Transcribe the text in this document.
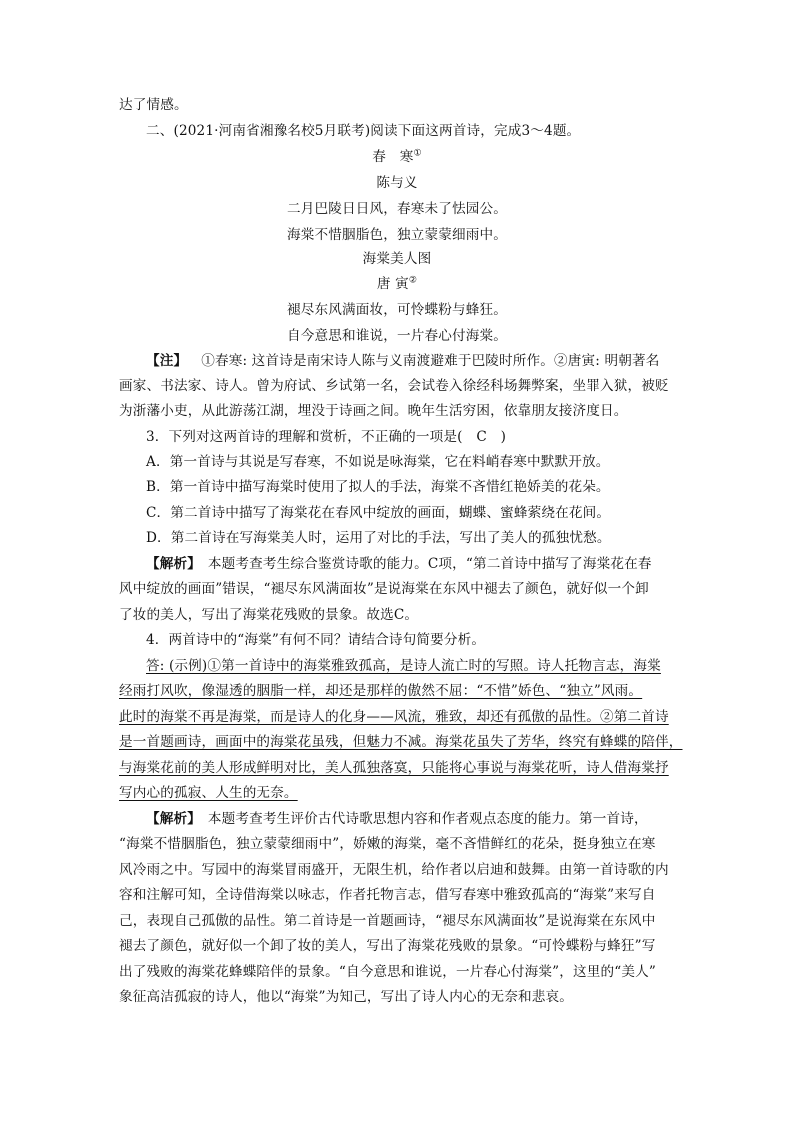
达了情感。
二、(2021·河南省湘豫名校5月联考)阅读下面这两首诗，完成3～4题。
春　寒①
陈与义
二月巴陵日日风，春寒未了怯园公。
海棠不惜胭脂色，独立蒙蒙细雨中。
海棠美人图
唐 寅②
褪尽东风满面妆，可怜蝶粉与蜂狂。
自今意思和谁说，一片春心付海棠。
【注】 ①春寒: 这首诗是南宋诗人陈与义南渡避难于巴陵时所作。②唐寅: 明朝著名
画家、书法家、诗人。曾为府试、乡试第一名，会试卷入徐经科场舞弊案，坐罪入狱，被贬
为浙藩小吏，从此游荡江湖，埋没于诗画之间。晚年生活穷困，依靠朋友接济度日。
3．下列对这两首诗的理解和赏析，不正确的一项是(　C　)
A．第一首诗与其说是写春寒，不如说是咏海棠，它在料峭春寒中默默开放。
B．第一首诗中描写海棠时使用了拟人的手法，海棠不吝惜红艳娇美的花朵。
C．第二首诗中描写了海棠花在春风中绽放的画面，蝴蝶、蜜蜂萦绕在花间。
D．第二首诗在写海棠美人时，运用了对比的手法，写出了美人的孤独忧愁。
【解析】　本题考查考生综合鉴赏诗歌的能力。C项，“第二首诗中描写了海棠花在春
风中绽放的画面”错误，“褪尽东风满面妆”是说海棠在东风中褪去了颜色，就好似一个卸
了妆的美人，写出了海棠花残败的景象。故选C。
4．两首诗中的“海棠”有何不同？请结合诗句简要分析。
答: (示例)①第一首诗中的海棠雅致孤高，是诗人流亡时的写照。诗人托物言志，海棠
经雨打风吹，像湿透的胭脂一样，却还是那样的傲然不屈：“不惜”娇色、“独立”风雨。
此时的海棠不再是海棠，而是诗人的化身——风流，雅致，却还有孤傲的品性。②第二首诗
是一首题画诗，画面中的海棠花虽残，但魅力不减。海棠花虽失了芳华，终究有蜂蝶的陪伴，
与海棠花前的美人形成鲜明对比，美人孤独落寞，只能将心事说与海棠花听，诗人借海棠抒
写内心的孤寂、人生的无奈。
【解析】　本题考查考生评价古代诗歌思想内容和作者观点态度的能力。第一首诗，
“海棠不惜胭脂色，独立蒙蒙细雨中”，娇嫩的海棠，毫不吝惜鲜红的花朵，挺身独立在寒
风冷雨之中。写园中的海棠冒雨盛开，无限生机，给作者以启迪和鼓舞。由第一首诗歌的内
容和注解可知，全诗借海棠以咏志，作者托物言志，借写春寒中雅致孤高的“海棠”来写自
己，表现自己孤傲的品性。第二首诗是一首题画诗，“褪尽东风满面妆”是说海棠在东风中
褪去了颜色，就好似一个卸了妆的美人，写出了海棠花残败的景象。“可怜蝶粉与蜂狂”写
出了残败的海棠花蜂蝶陪伴的景象。“自今意思和谁说，一片春心付海棠”，这里的“美人”
象征高洁孤寂的诗人，他以“海棠”为知己，写出了诗人内心的无奈和悲哀。
